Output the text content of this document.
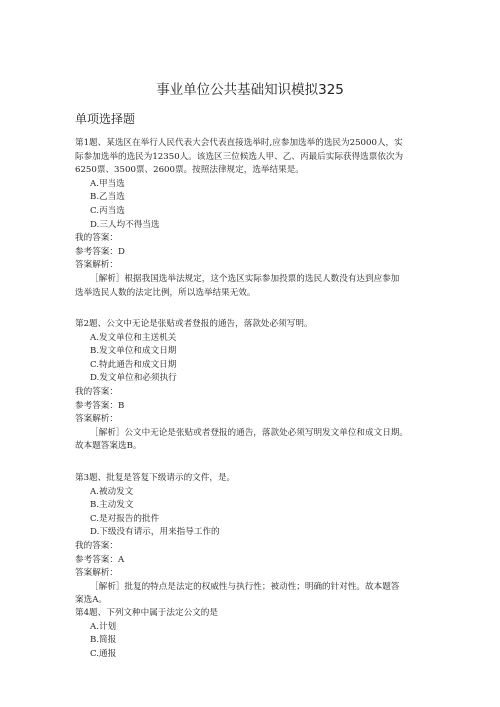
事业单位公共基础知识模拟325
单项选择题
第1题、某选区在举行人民代表大会代表直接选举时,应参加选举的选民为25000人，实
际参加选举的选民为12350人。该选区三位候选人甲、乙、丙最后实际获得选票依次为
6250票、3500票、2600票。按照法律规定，选举结果是。
A.甲当选
B.乙当选
C.丙当选
D.三人均不得当选
我的答案：
参考答案：D
答案解析：
［解析］根据我国选举法规定，这个选区实际参加投票的选民人数没有达到应参加
选举选民人数的法定比例，所以选举结果无效。
第2题、公文中无论是张贴或者登报的通告，落款处必须写明。
A.发文单位和主送机关
B.发文单位和成文日期
C.特此通告和成文日期
D.发文单位和必须执行
我的答案：
参考答案：B
答案解析：
［解析］公文中无论是张贴或者登报的通告，落款处必须写明发文单位和成文日期。
故本题答案选B。
第3题、批复是答复下级请示的文件，是。
A.被动发文
B.主动发文
C.是对报告的批件
D.下级没有请示，用来指导工作的
我的答案：
参考答案：A
答案解析：
［解析］批复的特点是法定的权威性与执行性；被动性；明确的针对性。故本题答
案选A。
第4题、下列文种中属于法定公文的是
A.计划
B.简报
C.通报
